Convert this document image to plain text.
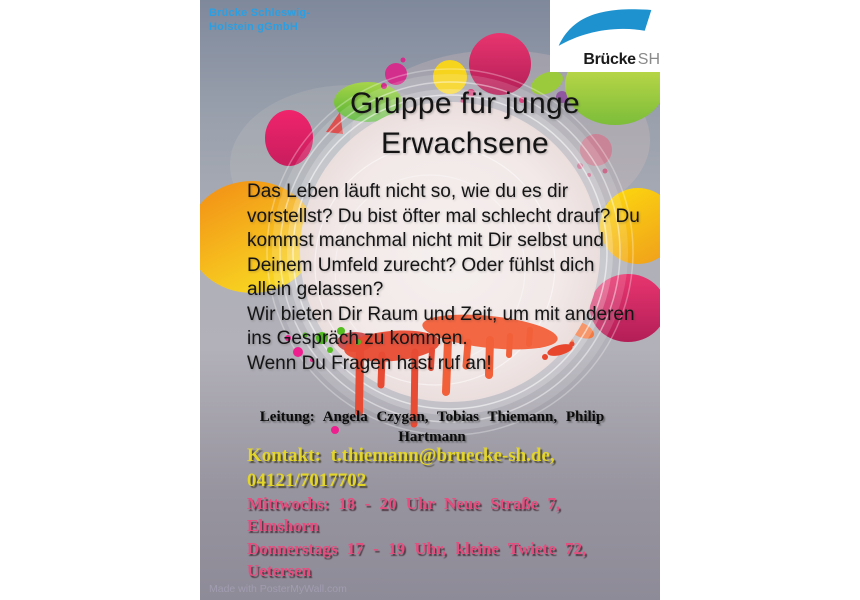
Brücke Schleswig-Holstein gGmbH
Brücke SH
Gruppe für junge Erwachsene

Das Leben läuft nicht so, wie du es dir vorstellst? Du bist öfter mal schlecht drauf? Du kommst manchmal nicht mit Dir selbst und Deinem Umfeld zurecht? Oder fühlst dich allein gelassen?

Wir bieten Dir Raum und Zeit, um mit anderen ins Gespräch zu kommen.

Wenn Du Fragen hast ruf an!

Leitung: Angela Czygan, Tobias Thiemann, Philip Hartmann
Kontakt: t.thiemann@bruecke-sh.de, 04121/7017702
Mittwochs: 18 - 20 Uhr Neue Straße 7, Elmshorn
Donnerstags 17 - 19 Uhr, kleine Twiete 72, Uetersen
Made with PosterMyWall.com
